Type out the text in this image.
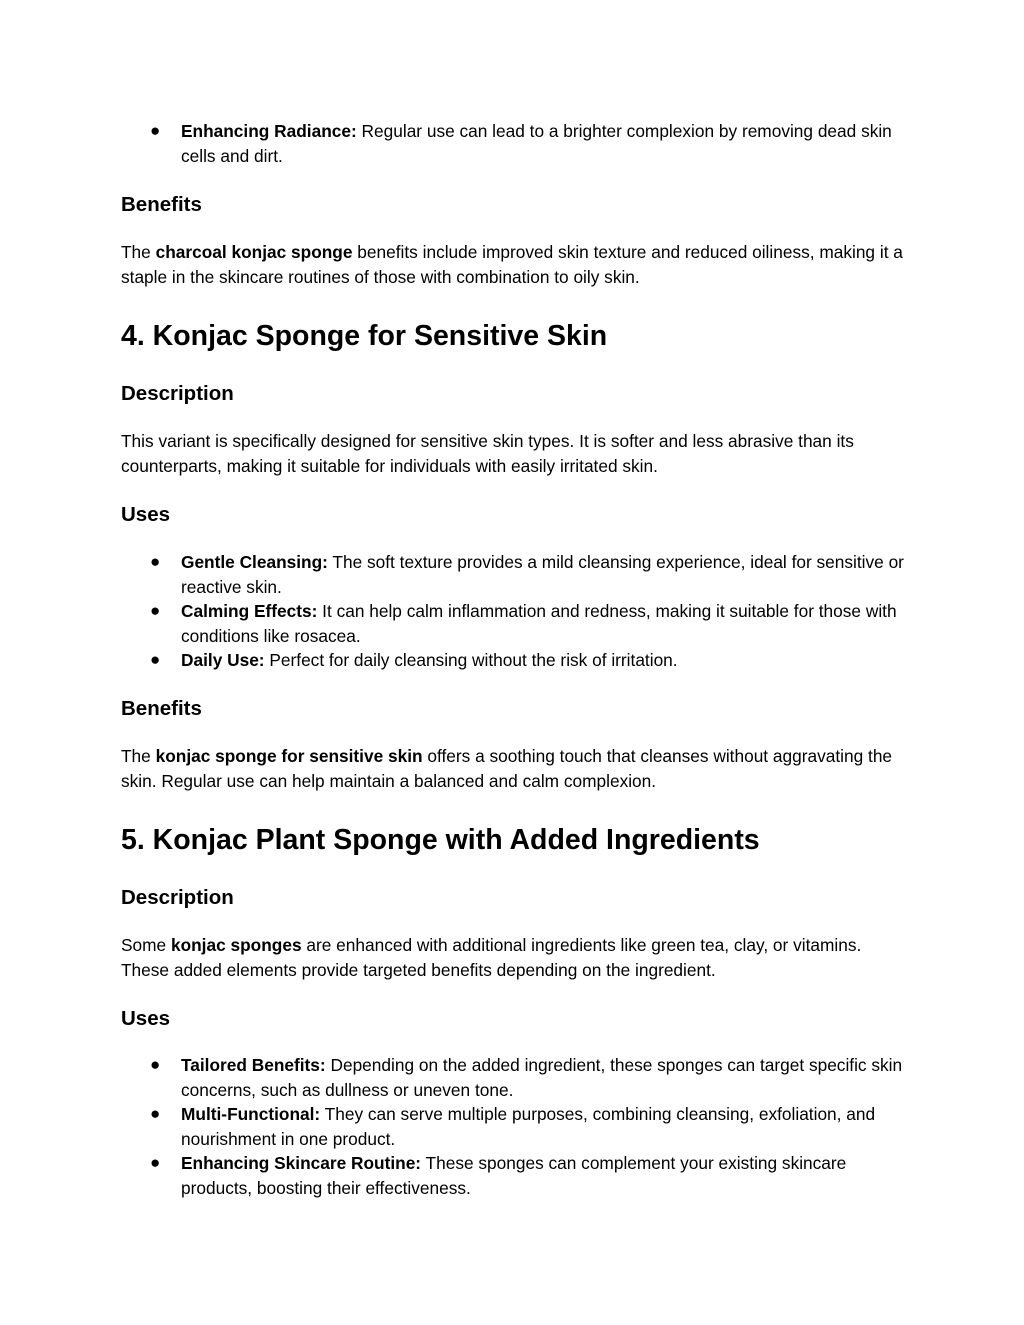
● Enhancing Radiance: Regular use can lead to a brighter complexion by removing dead skin cells and dirt.
Benefits

The charcoal konjac sponge benefits include improved skin texture and reduced oiliness, making it a staple in the skincare routines of those with combination to oily skin.

4. Konjac Sponge for Sensitive Skin
Description

This variant is specifically designed for sensitive skin types. It is softer and less abrasive than its counterparts, making it suitable for individuals with easily irritated skin.

Uses
● Gentle Cleansing: The soft texture provides a mild cleansing experience, ideal for sensitive or reactive skin.
● Calming Effects: It can help calm inflammation and redness, making it suitable for those with conditions like rosacea.
● Daily Use: Perfect for daily cleansing without the risk of irritation.
Benefits

The konjac sponge for sensitive skin offers a soothing touch that cleanses without aggravating the skin. Regular use can help maintain a balanced and calm complexion.

5. Konjac Plant Sponge with Added Ingredients
Description

Some konjac sponges are enhanced with additional ingredients like green tea, clay, or vitamins. These added elements provide targeted benefits depending on the ingredient.

Uses
● Tailored Benefits: Depending on the added ingredient, these sponges can target specific skin concerns, such as dullness or uneven tone.
● Multi-Functional: They can serve multiple purposes, combining cleansing, exfoliation, and nourishment in one product.
● Enhancing Skincare Routine: These sponges can complement your existing skincare products, boosting their effectiveness.
